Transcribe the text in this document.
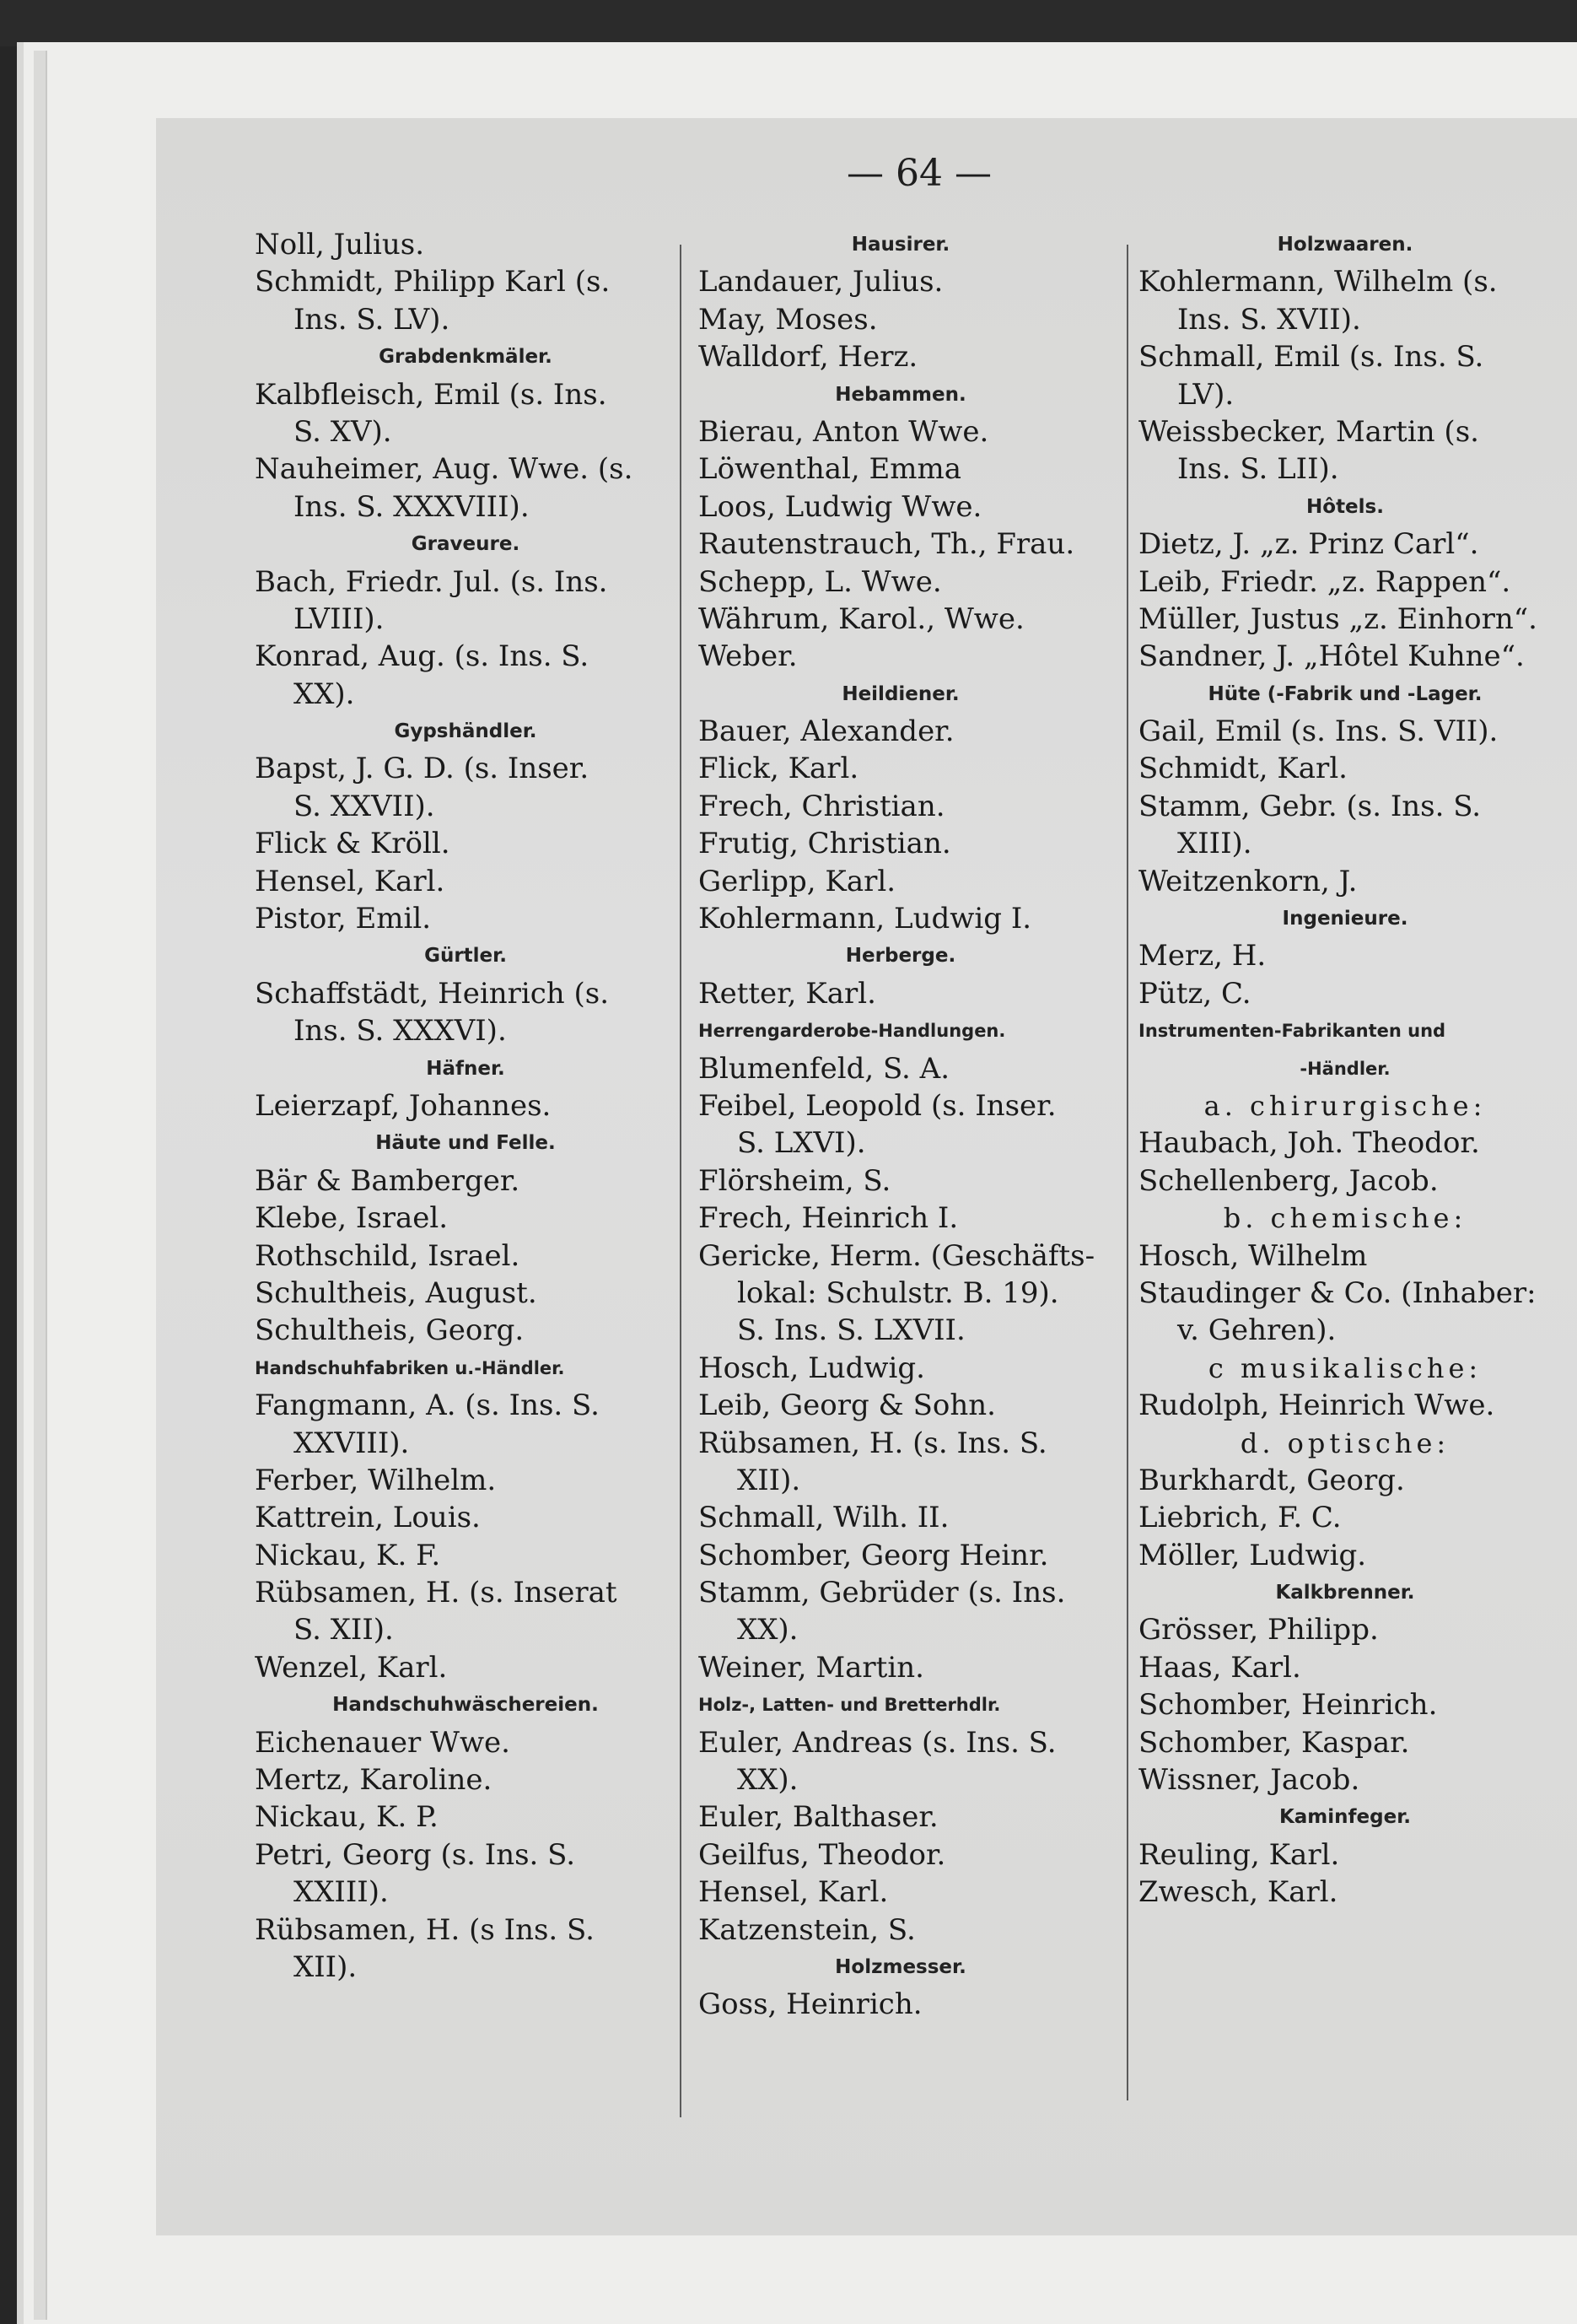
— 64 —
Noll, Julius.
Schmidt, Philipp Karl (s.
Ins. S. LV).
Grabdenkmäler.
Kalbfleisch, Emil (s. Ins.
S. XV).
Nauheimer, Aug. Wwe. (s.
Ins. S. XXXVIII).
Graveure.
Bach, Friedr. Jul. (s. Ins.
LVIII).
Konrad, Aug. (s. Ins. S.
XX).
Gypshändler.
Bapst, J. G. D. (s. Inser.
S. XXVII).
Flick & Kröll.
Hensel, Karl.
Pistor, Emil.
Gürtler.
Schaffstädt, Heinrich (s.
Ins. S. XXXVI).
Häfner.
Leierzapf, Johannes.
Häute und Felle.
Bär & Bamberger.
Klebe, Israel.
Rothschild, Israel.
Schultheis, August.
Schultheis, Georg.
Handschuhfabriken u.-Händler.
Fangmann, A. (s. Ins. S.
XXVIII).
Ferber, Wilhelm.
Kattrein, Louis.
Nickau, K. F.
Rübsamen, H. (s. Inserat
S. XII).
Wenzel, Karl.
Handschuhwäschereien.
Eichenauer Wwe.
Mertz, Karoline.
Nickau, K. P.
Petri, Georg (s. Ins. S.
XXIII).
Rübsamen, H. (s Ins. S.
XII).
Hausirer.
Landauer, Julius.
May, Moses.
Walldorf, Herz.
Hebammen.
Bierau, Anton Wwe.
Löwenthal, Emma
Loos, Ludwig Wwe.
Rautenstrauch, Th., Frau.
Schepp, L. Wwe.
Währum, Karol., Wwe.
Weber.
Heildiener.
Bauer, Alexander.
Flick, Karl.
Frech, Christian.
Frutig, Christian.
Gerlipp, Karl.
Kohlermann, Ludwig I.
Herberge.
Retter, Karl.
Herrengarderobe-Handlungen.
Blumenfeld, S. A.
Feibel, Leopold (s. Inser.
S. LXVI).
Flörsheim, S.
Frech, Heinrich I.
Gericke, Herm. (Geschäfts-
lokal: Schulstr. B. 19).
S. Ins. S. LXVII.
Hosch, Ludwig.
Leib, Georg & Sohn.
Rübsamen, H. (s. Ins. S.
XII).
Schmall, Wilh. II.
Schomber, Georg Heinr.
Stamm, Gebrüder (s. Ins.
XX).
Weiner, Martin.
Holz-, Latten- und Bretterhdlr.
Euler, Andreas (s. Ins. S.
XX).
Euler, Balthaser.
Geilfus, Theodor.
Hensel, Karl.
Katzenstein, S.
Holzmesser.
Goss, Heinrich.
Holzwaaren.
Kohlermann, Wilhelm (s.
Ins. S. XVII).
Schmall, Emil (s. Ins. S.
LV).
Weissbecker, Martin (s.
Ins. S. LII).
Hôtels.
Dietz, J. „z. Prinz Carl“.
Leib, Friedr. „z. Rappen“.
Müller, Justus „z. Einhorn“.
Sandner, J. „Hôtel Kuhne“.
Hüte (-Fabrik und -Lager.
Gail, Emil (s. Ins. S. VII).
Schmidt, Karl.
Stamm, Gebr. (s. Ins. S.
XIII).
Weitzenkorn, J.
Ingenieure.
Merz, H.
Pütz, C.
Instrumenten-Fabrikanten und
-Händler.
a. chirurgische:
Haubach, Joh. Theodor.
Schellenberg, Jacob.
b. chemische:
Hosch, Wilhelm
Staudinger & Co. (Inhaber:
v. Gehren).
c musikalische:
Rudolph, Heinrich Wwe.
d. optische:
Burkhardt, Georg.
Liebrich, F. C.
Möller, Ludwig.
Kalkbrenner.
Grösser, Philipp.
Haas, Karl.
Schomber, Heinrich.
Schomber, Kaspar.
Wissner, Jacob.
Kaminfeger.
Reuling, Karl.
Zwesch, Karl.
